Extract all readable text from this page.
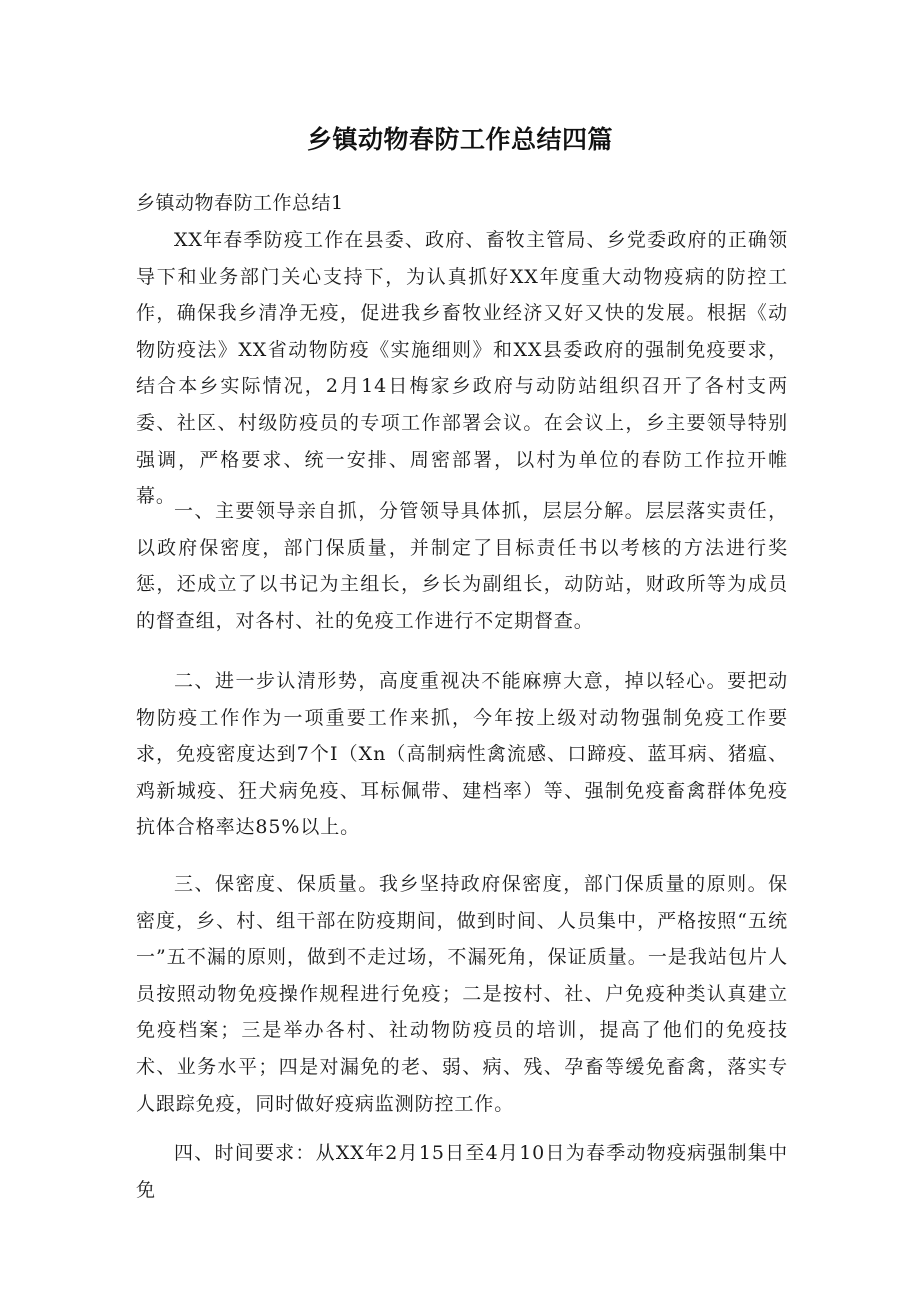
乡镇动物春防工作总结四篇
乡镇动物春防工作总结1

XX年春季防疫工作在县委、政府、畜牧主管局、乡党委政府的正确领导下和业务部门关心支持下，为认真抓好XX年度重大动物疫病的防控工作，确保我乡清净无疫，促进我乡畜牧业经济又好又快的发展。根据《动物防疫法》XX省动物防疫《实施细则》和XX县委政府的强制免疫要求，结合本乡实际情况，2月14日梅家乡政府与动防站组织召开了各村支两委、社区、村级防疫员的专项工作部署会议。在会议上，乡主要领导特别强调，严格要求、统一安排、周密部署，以村为单位的春防工作拉开帷幕。

一、主要领导亲自抓，分管领导具体抓，层层分解。层层落实责任，以政府保密度，部门保质量，并制定了目标责任书以考核的方法进行奖惩，还成立了以书记为主组长，乡长为副组长，动防站，财政所等为成员的督查组，对各村、社的免疫工作进行不定期督查。

二、进一步认清形势，高度重视决不能麻痹大意，掉以轻心。要把动物防疫工作作为一项重要工作来抓，今年按上级对动物强制免疫工作要求，免疫密度达到7个I（Xn（高制病性禽流感、口蹄疫、蓝耳病、猪瘟、鸡新城疫、狂犬病免疫、耳标佩带、建档率）等、强制免疫畜禽群体免疫抗体合格率达85%以上。

三、保密度、保质量。我乡坚持政府保密度，部门保质量的原则。保密度，乡、村、组干部在防疫期间，做到时间、人员集中，严格按照“五统一”五不漏的原则，做到不走过场，不漏死角，保证质量。一是我站包片人员按照动物免疫操作规程进行免疫；二是按村、社、户免疫种类认真建立免疫档案；三是举办各村、社动物防疫员的培训，提高了他们的免疫技术、业务水平；四是对漏免的老、弱、病、残、孕畜等缓免畜禽，落实专人跟踪免疫，同时做好疫病监测防控工作。

四、时间要求：从XX年2月15日至4月10日为春季动物疫病强制集中免
